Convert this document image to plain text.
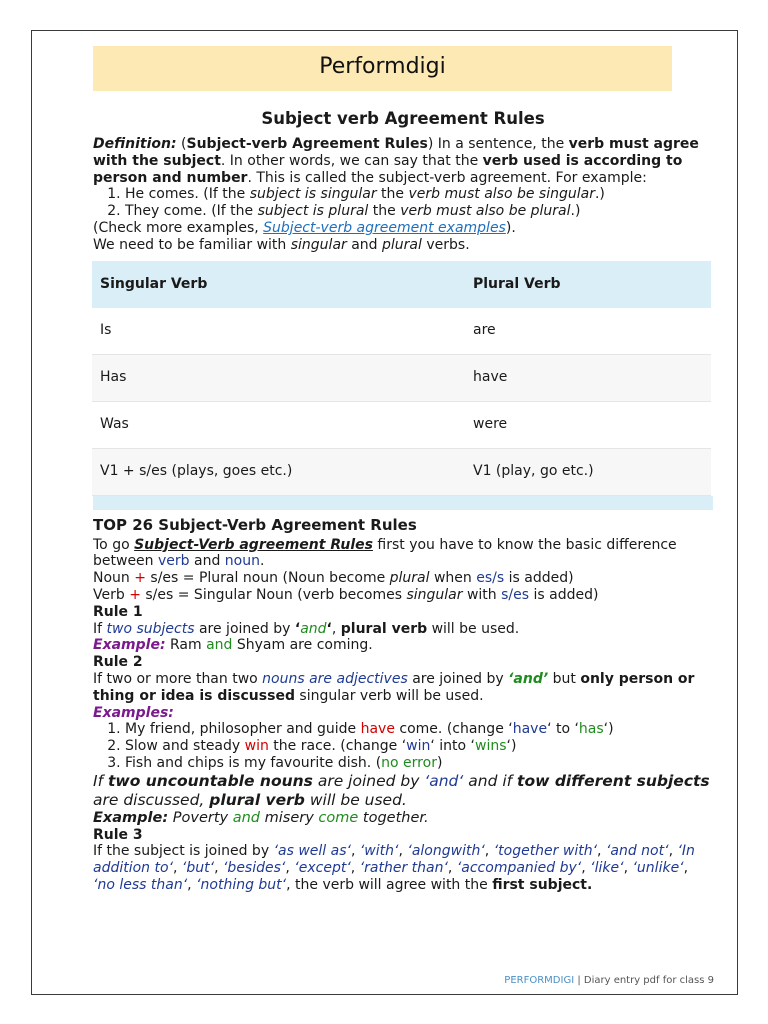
Performdigi
Subject verb Agreement Rules

Definition: (Subject-verb Agreement Rules) In a sentence, the verb must agree with the subject. In other words, we can say that the verb used is according to person and number. This is called the subject-verb agreement. For example:

1. He comes. (If the subject is singular the verb must also be singular.)
2. They come. (If the subject is plural the verb must also be plural.)

(Check more examples, Subject-verb agreement examples).

We need to be familiar with singular and plural verbs.

Singular Verb	Plural Verb
Is	are
Has	have
Was	were
V1 + s/es (plays, goes etc.)	V1 (play, go etc.)
TOP 26 Subject-Verb Agreement Rules

To go Subject-Verb agreement Rules first you have to know the basic difference between verb and noun.

Noun + s/es = Plural noun (Noun become plural when es/s is added)

Verb + s/es = Singular Noun (verb becomes singular with s/es is added)

Rule 1

If two subjects are joined by ‘and‘, plural verb will be used.

Example: Ram and Shyam are coming.

Rule 2

If two or more than two nouns are adjectives are joined by ‘and’ but only person or thing or idea is discussed singular verb will be used.

Examples:

1. My friend, philosopher and guide have come. (change ‘have‘ to ‘has‘)
2. Slow and steady win the race. (change ‘win‘ into ‘wins‘)
3. Fish and chips is my favourite dish. (no error)

If two uncountable nouns are joined by ‘and‘ and if tow different subjects are discussed, plural verb will be used.

Example: Poverty and misery come together.

Rule 3

If the subject is joined by ‘as well as‘, ‘with‘, ‘alongwith‘, ‘together with‘, ‘and not‘, ‘In addition to‘, ‘but‘, ‘besides‘, ‘except‘, ‘rather than‘, ‘accompanied by‘, ‘like‘, ‘unlike‘, ‘no less than‘, ‘nothing but‘, the verb will agree with the first subject.

PERFORMDIGI | Diary entry pdf for class 9
